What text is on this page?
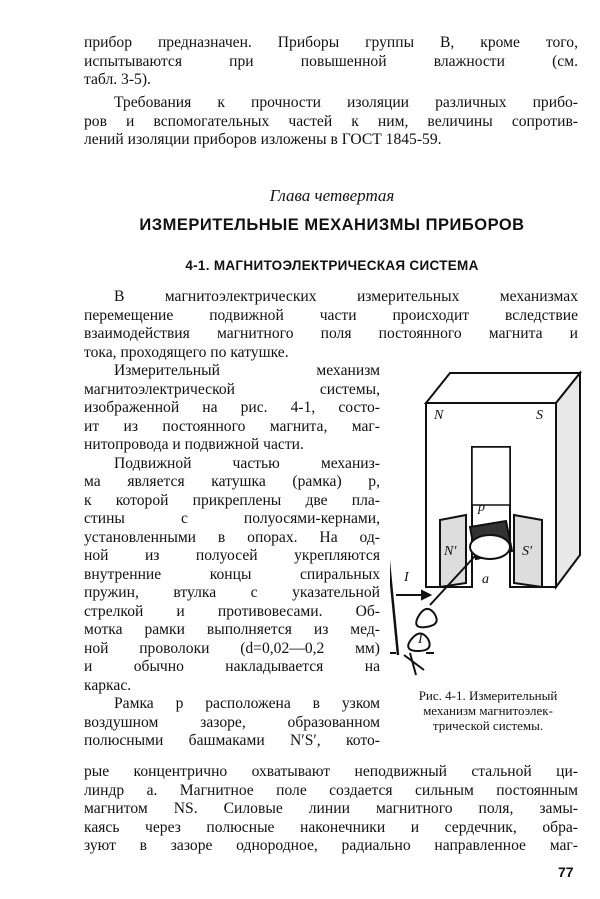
прибор предназначен. Приборы группы В, кроме того,
испытываются при повышенной влажности (см.
табл. 3-5).
Требования к прочности изоляции различных прибо-
ров и вспомогательных частей к ним, величины сопротив-
лений изоляции приборов изложены в ГОСТ 1845-59.
Глава четвертая
ИЗМЕРИТЕЛЬНЫЕ МЕХАНИЗМЫ ПРИБОРОВ
4-1. МАГНИТОЭЛЕКТРИЧЕСКАЯ СИСТЕМА
В магнитоэлектрических измерительных механизмах
перемещение подвижной части происходит вследствие
взаимодействия магнитного поля постоянного магнита и
тока, проходящего по катушке.
Измерительный механизм
магнитоэлектрической системы,
изображенной на рис. 4-1, состо-
ит из постоянного магнита, маг-
нитопровода и подвижной части.
Подвижной частью механиз-
ма является катушка (рамка) p,
к которой прикреплены две пла-
стины с полуосями-кернами,
установленными в опорах. На од-
ной из полуосей укрепляются
внутренние концы спиральных
пружин, втулка с указательной
стрелкой и противовесами. Об-
мотка рамки выполняется из мед-
ной проволоки (d=0,02—0,2 мм)
и обычно накладывается на
каркас.
Рамка p расположена в узком
воздушном зазоре, образованном
полюсными башмаками N′S′, кото-
N	S
N′	S′
p
a
I
I
Рис. 4-1. Измерительный
механизм магнитоэлек-
трической системы.
рые концентрично охватывают неподвижный стальной ци-
линдр a. Магнитное поле создается сильным постоянным
магнитом NS. Силовые линии магнитного поля, замы-
каясь через полюсные наконечники и сердечник, обра-
зуют в зазоре однородное, радиально направленное маг-
77
